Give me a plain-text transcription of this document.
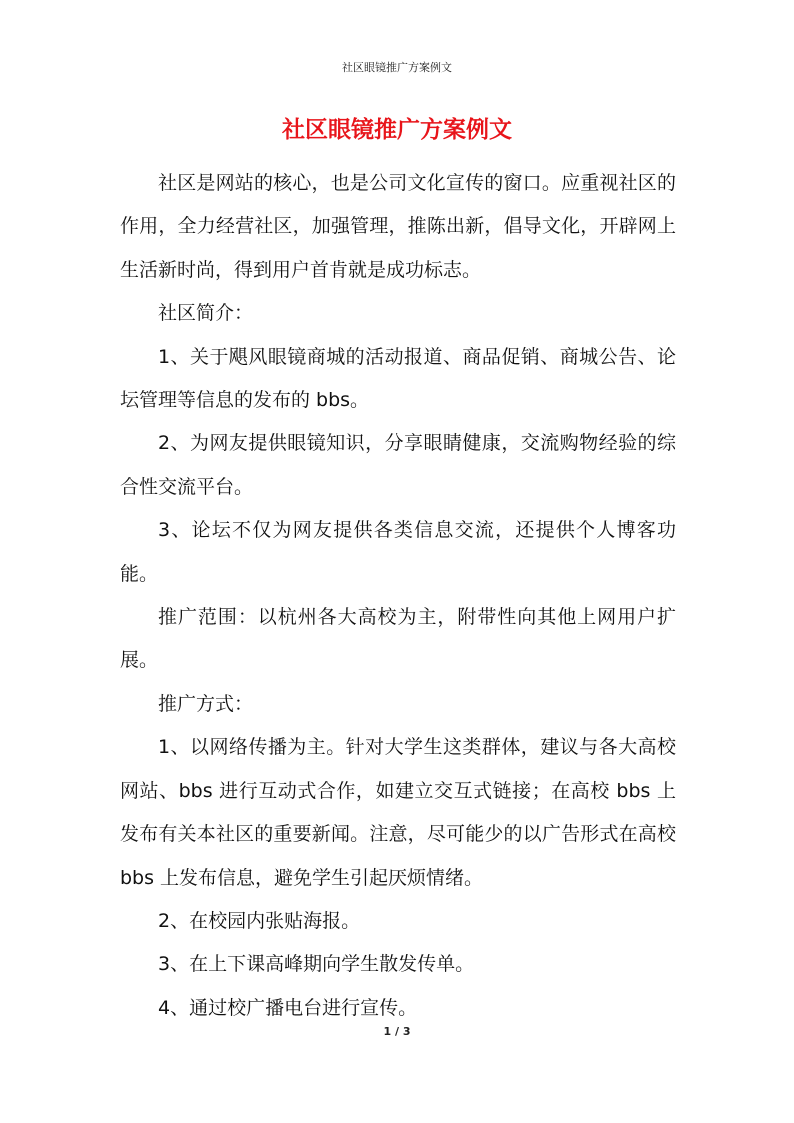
社区眼镜推广方案例文
社区眼镜推广方案例文

社区是网站的核心，也是公司文化宣传的窗口。应重视社区的作用，全力经营社区，加强管理，推陈出新，倡导文化，开辟网上生活新时尚，得到用户首肯就是成功标志。

社区简介：

1、关于飓风眼镜商城的活动报道、商品促销、商城公告、论坛管理等信息的发布的 bbs。

2、为网友提供眼镜知识，分享眼睛健康，交流购物经验的综合性交流平台。

3、论坛不仅为网友提供各类信息交流，还提供个人博客功能。

推广范围：以杭州各大高校为主，附带性向其他上网用户扩展。

推广方式：

1、以网络传播为主。针对大学生这类群体，建议与各大高校网站、bbs 进行互动式合作，如建立交互式链接；在高校 bbs 上发布有关本社区的重要新闻。注意，尽可能少的以广告形式在高校 bbs 上发布信息，避免学生引起厌烦情绪。

2、在校园内张贴海报。

3、在上下课高峰期向学生散发传单。

4、通过校广播电台进行宣传。

1 / 3
